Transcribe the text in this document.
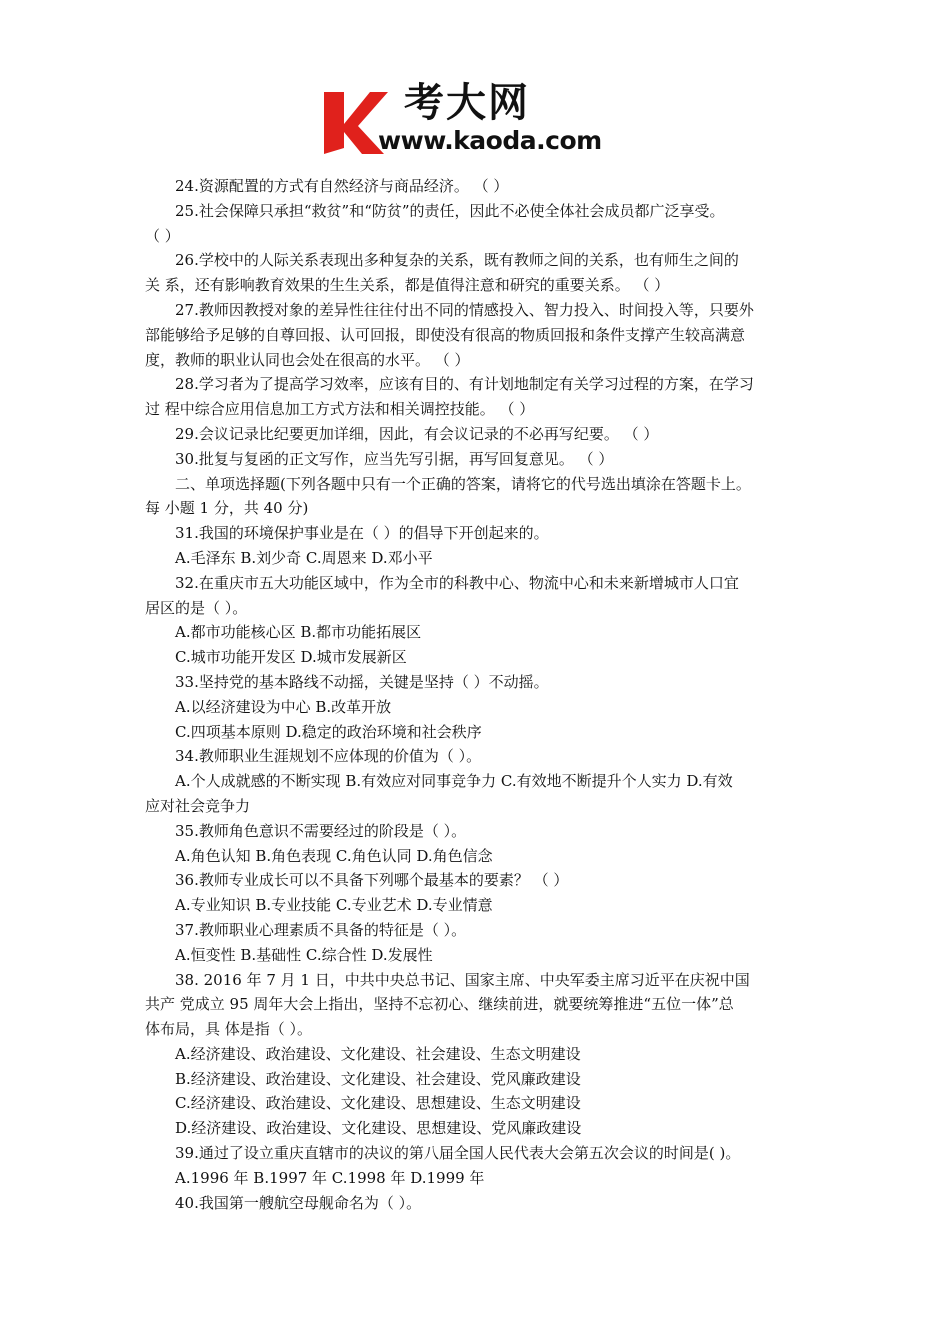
考大网
www.kaoda.com
24.资源配置的方式有自然经济与商品经济。 （ ）
25.社会保障只承担“救贫”和“防贫”的责任，因此不必使全体社会成员都广泛享受。
（ ）
26.学校中的人际关系表现出多种复杂的关系，既有教师之间的关系，也有师生之间的
关 系，还有影响教育效果的生生关系，都是值得注意和研究的重要关系。 （ ）
27.教师因教授对象的差异性往往付出不同的情感投入、智力投入、时间投入等，只要外
部能够给予足够的自尊回报、认可回报，即使没有很高的物质回报和条件支撑产生较高满意
度，教师的职业认同也会处在很高的水平。 （ ）
28.学习者为了提高学习效率，应该有目的、有计划地制定有关学习过程的方案，在学习
过 程中综合应用信息加工方式方法和相关调控技能。 （ ）
29.会议记录比纪要更加详细，因此，有会议记录的不必再写纪要。 （ ）
30.批复与复函的正文写作，应当先写引据，再写回复意见。 （ ）
二、单项选择题(下列各题中只有一个正确的答案，请将它的代号选出填涂在答题卡上。
每 小题 1 分，共 40 分)
31.我国的环境保护事业是在（ ）的倡导下开创起来的。
A.毛泽东 B.刘少奇 C.周恩来 D.邓小平
32.在重庆市五大功能区域中，作为全市的科教中心、物流中心和未来新增城市人口宜
居区的是（ ）。
A.都市功能核心区 B.都市功能拓展区
C.城市功能开发区 D.城市发展新区
33.坚持党的基本路线不动摇，关键是坚持（ ）不动摇。
A.以经济建设为中心 B.改革开放
C.四项基本原则 D.稳定的政治环境和社会秩序
34.教师职业生涯规划不应体现的价值为（ ）。
A.个人成就感的不断实现 B.有效应对同事竞争力 C.有效地不断提升个人实力 D.有效
应对社会竞争力
35.教师角色意识不需要经过的阶段是（ ）。
A.角色认知 B.角色表现 C.角色认同 D.角色信念
36.教师专业成长可以不具备下列哪个最基本的要素？ （ ）
A.专业知识 B.专业技能 C.专业艺术 D.专业情意
37.教师职业心理素质不具备的特征是（ ）。
A.恒变性 B.基础性 C.综合性 D.发展性
38. 2016 年 7 月 1 日，中共中央总书记、国家主席、中央军委主席习近平在庆祝中国
共产 党成立 95 周年大会上指出，坚持不忘初心、继续前进，就要统筹推进“五位一体”总
体布局，具 体是指（ ）。
A.经济建设、政治建设、文化建设、社会建设、生态文明建设
B.经济建设、政治建设、文化建设、社会建设、党风廉政建设
C.经济建设、政治建设、文化建设、思想建设、生态文明建设
D.经济建设、政治建设、文化建设、思想建设、党风廉政建设
39.通过了设立重庆直辖市的决议的第八届全国人民代表大会第五次会议的时间是( )。
A.1996 年 B.1997 年 C.1998 年 D.1999 年
40.我国第一艘航空母舰命名为（ ）。
